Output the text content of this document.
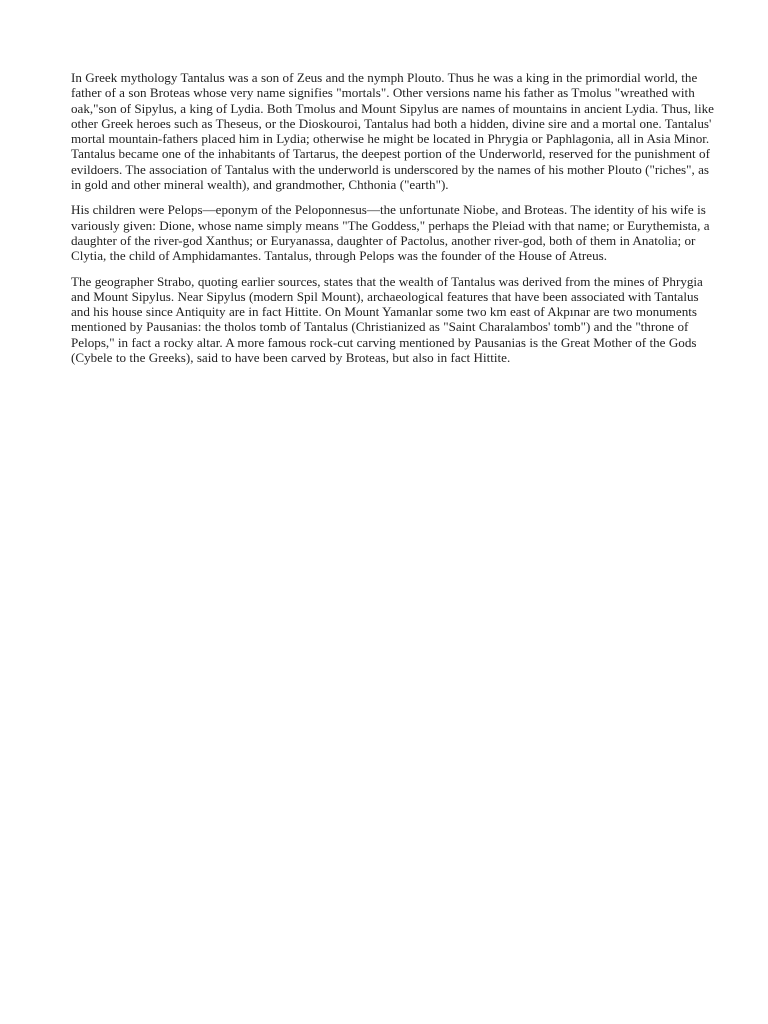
In Greek mythology Tantalus was a son of Zeus and the nymph Plouto. Thus he was a king in the primordial world, the father of a son Broteas whose very name signifies "mortals". Other versions name his father as Tmolus "wreathed with oak,"son of Sipylus, a king of Lydia. Both Tmolus and Mount Sipylus are names of mountains in ancient Lydia. Thus, like other Greek heroes such as Theseus, or the Dioskouroi, Tantalus had both a hidden, divine sire and a mortal one. Tantalus' mortal mountain-fathers placed him in Lydia; otherwise he might be located in Phrygia or Paphlagonia, all in Asia Minor. Tantalus became one of the inhabitants of Tartarus, the deepest portion of the Underworld, reserved for the punishment of evildoers. The association of Tantalus with the underworld is underscored by the names of his mother Plouto ("riches", as in gold and other mineral wealth), and grandmother, Chthonia ("earth").

His children were Pelops—eponym of the Peloponnesus—the unfortunate Niobe, and Broteas. The identity of his wife is variously given: Dione, whose name simply means "The Goddess," perhaps the Pleiad with that name; or Eurythemista, a daughter of the river-god Xanthus; or Euryanassa, daughter of Pactolus, another river-god, both of them in Anatolia; or Clytia, the child of Amphidamantes. Tantalus, through Pelops was the founder of the House of Atreus.

The geographer Strabo, quoting earlier sources, states that the wealth of Tantalus was derived from the mines of Phrygia and Mount Sipylus. Near Sipylus (modern Spil Mount), archaeological features that have been associated with Tantalus and his house since Antiquity are in fact Hittite. On Mount Yamanlar some two km east of Akpınar are two monuments mentioned by Pausanias: the tholos tomb of Tantalus (Christianized as "Saint Charalambos' tomb") and the "throne of Pelops," in fact a rocky altar. A more famous rock-cut carving mentioned by Pausanias is the Great Mother of the Gods (Cybele to the Greeks), said to have been carved by Broteas, but also in fact Hittite.
